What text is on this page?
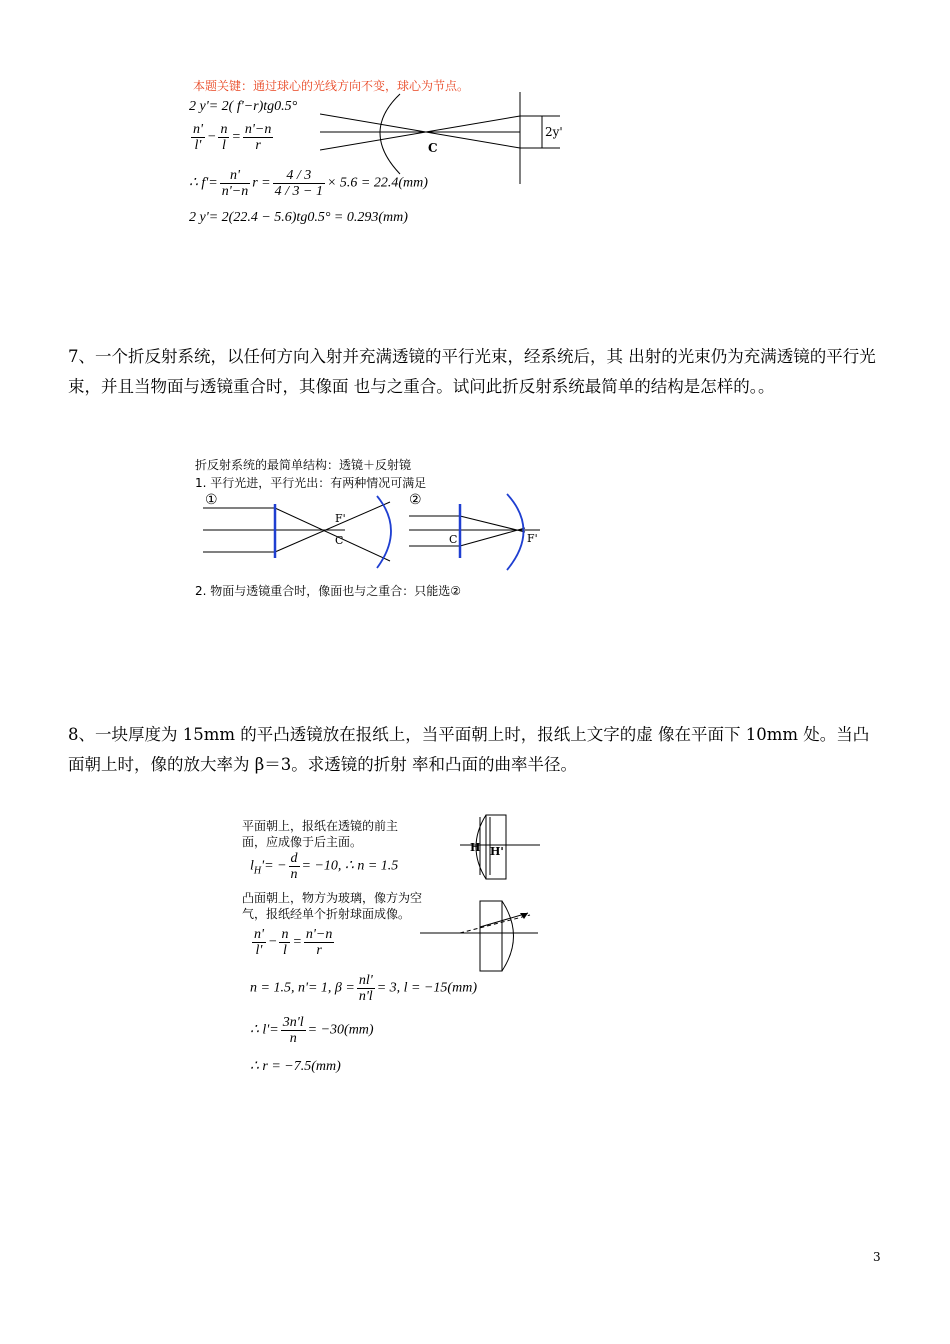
本题关键：通过球心的光线方向不变，球心为节点。
2 y'= 2( f'−r)tg0.5°
$\frac{n'}{l'} - \frac{n}{l} = \frac{n'-n}{r}$
∴ $f'= \frac{n'}{n'-n}$ $r = \frac{4 / 3}{4 / 3 - 1} \times 5.6 = 22.4(mm)$
2 y'= 2(22.4 − 5.6)tg0.5° = 0.293(mm)
C
2y'
7、一个折反射系统，以任何方向入射并充满透镜的平行光束，经系统后，其 出射的光束仍为充满透镜的平行光束，并且当物面与透镜重合时，其像面 也与之重合。试问此折反射系统最简单的结构是怎样的。。
折反射系统的最简单结构：透镜＋反射镜
1. 平行光进，平行光出：有两种情况可满足
①	②
F'
C	C	F'
2. 物面与透镜重合时，像面也与之重合：只能选②
8、一块厚度为 15mm 的平凸透镜放在报纸上，当平面朝上时，报纸上文字的虚 像在平面下 10mm 处。当凸面朝上时，像的放大率为 β＝3。求透镜的折射 率和凸面的曲率半径。
平面朝上，报纸在透镜的前主
面，应成像于后主面。
$l_H'= - \frac{d}{n} = -10$, ∴ n = 1.5
凸面朝上，物方为玻璃，像方为空
气，报纸经单个折射球面成像。
$\frac{n'}{l'} - \frac{n}{l} = \frac{n'-n}{r}$
n = 1.5, n'= 1, $\beta = \frac{nl'}{n'l} = 3$, l = −15(mm)
∴ $l'= \frac{3n'l}{n} = -30(mm)$
∴ r = −7.5(mm)
H H'
3
